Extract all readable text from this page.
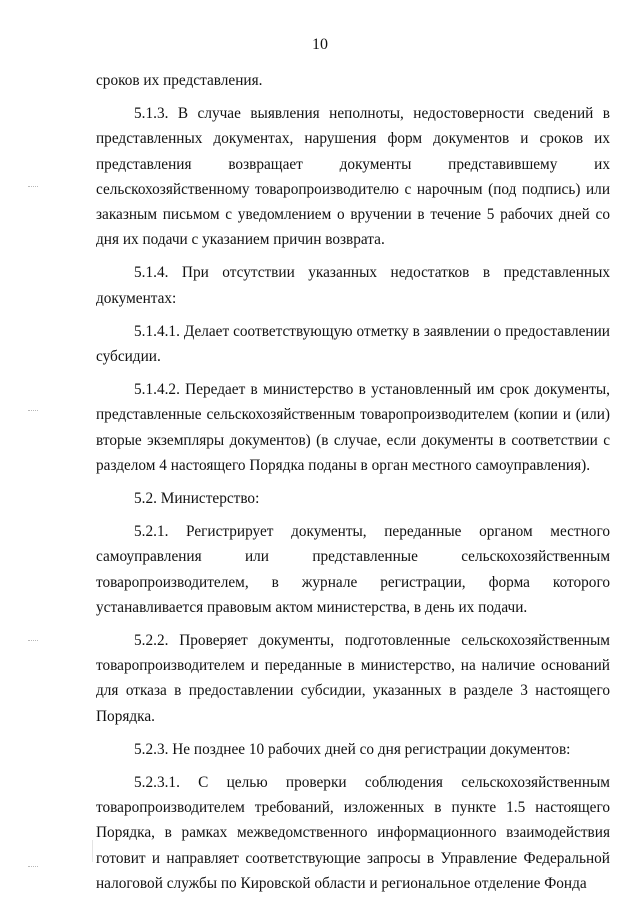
10

сроков их представления.

5.1.3. В случае выявления неполноты, недостоверности сведений в представленных документах, нарушения форм документов и сроков их представления возвращает документы представившему их сельскохозяйственному товаропроизводителю с нарочным (под подпись) или заказным письмом с уведомлением о вручении в течение 5 рабочих дней со дня их подачи с указанием причин возврата.

5.1.4. При отсутствии указанных недостатков в представленных документах:

5.1.4.1. Делает соответствующую отметку в заявлении о предоставлении субсидии.

5.1.4.2. Передает в министерство в установленный им срок документы, представленные сельскохозяйственным товаропроизводителем (копии и (или) вторые экземпляры документов) (в случае, если документы в соответствии с разделом 4 настоящего Порядка поданы в орган местного самоуправления).

5.2. Министерство:

5.2.1. Регистрирует документы, переданные органом местного самоуправления или представленные сельскохозяйственным товаропроизводителем, в журнале регистрации, форма которого устанавливается правовым актом министерства, в день их подачи.

5.2.2. Проверяет документы, подготовленные сельскохозяйственным товаропроизводителем и переданные в министерство, на наличие оснований для отказа в предоставлении субсидии, указанных в разделе 3 настоящего Порядка.

5.2.3. Не позднее 10 рабочих дней со дня регистрации документов:

5.2.3.1. С целью проверки соблюдения сельскохозяйственным товаропроизводителем требований, изложенных в пункте 1.5 настоящего Порядка, в рамках межведомственного информационного взаимодействия готовит и направляет соответствующие запросы в Управление Федеральной налоговой службы по Кировской области и региональное отделение Фонда
